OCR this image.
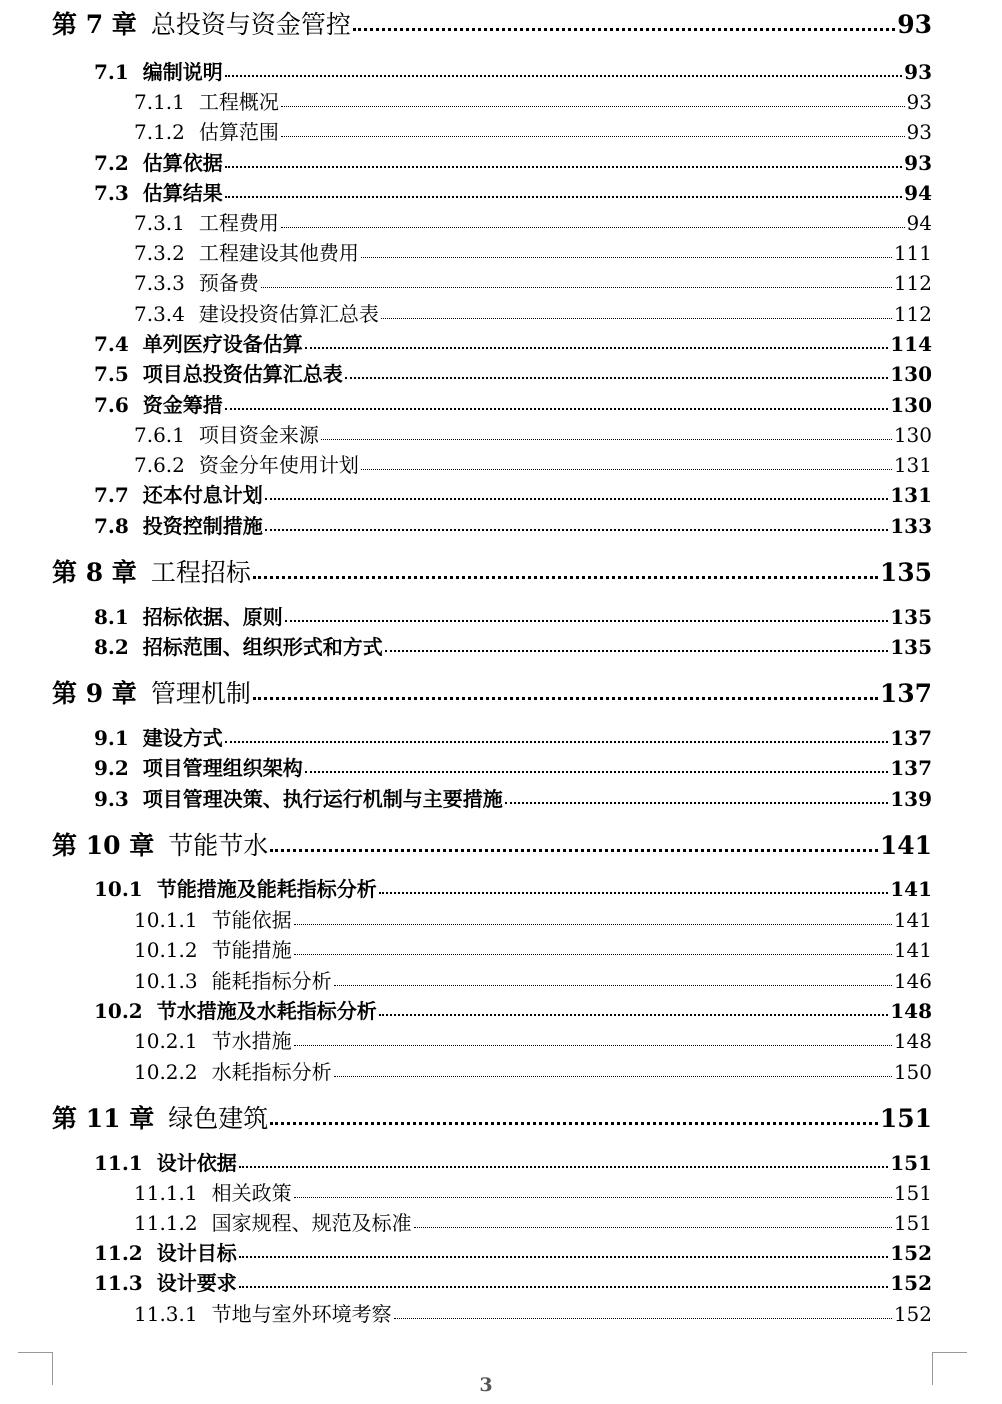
第 7 章 总投资与资金管控	93
7.1 编制说明	93
7.1.1 工程概况	93
7.1.2 估算范围	93
7.2 估算依据	93
7.3 估算结果	94
7.3.1 工程费用	94
7.3.2 工程建设其他费用	111
7.3.3 预备费	112
7.3.4 建设投资估算汇总表	112
7.4 单列医疗设备估算	114
7.5 项目总投资估算汇总表	130
7.6 资金筹措	130
7.6.1 项目资金来源	130
7.6.2 资金分年使用计划	131
7.7 还本付息计划	131
7.8 投资控制措施	133
第 8 章 工程招标	135
8.1 招标依据、原则	135
8.2 招标范围、组织形式和方式	135
第 9 章 管理机制	137
9.1 建设方式	137
9.2 项目管理组织架构	137
9.3 项目管理决策、执行运行机制与主要措施	139
第 10 章 节能节水	141
10.1 节能措施及能耗指标分析	141
10.1.1 节能依据	141
10.1.2 节能措施	141
10.1.3 能耗指标分析	146
10.2 节水措施及水耗指标分析	148
10.2.1 节水措施	148
10.2.2 水耗指标分析	150
第 11 章 绿色建筑	151
11.1 设计依据	151
11.1.1 相关政策	151
11.1.2 国家规程、规范及标准	151
11.2 设计目标	152
11.3 设计要求	152
11.3.1 节地与室外环境考察	152
3
